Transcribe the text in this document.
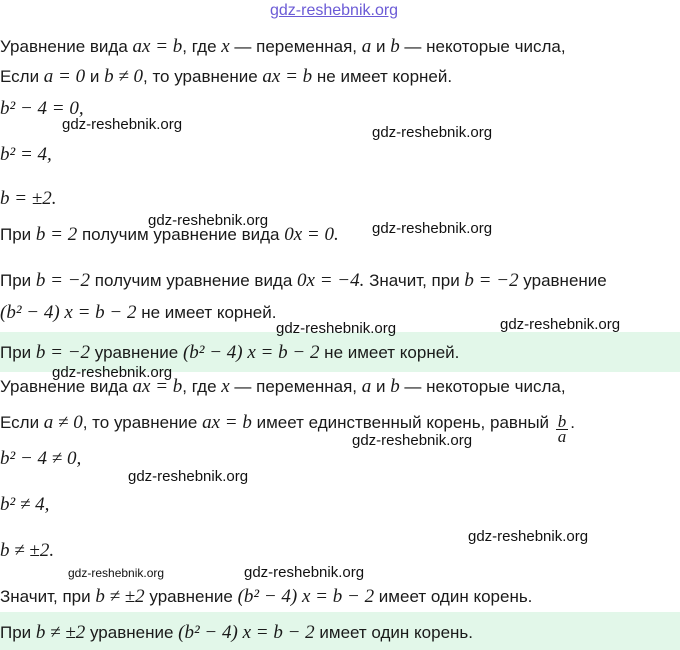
Уравнение вида ax = b, где x — переменная, a и b — некоторые числа,
Если a = 0 и b ≠ 0, то уравнение ax = b не имеет корней.
b² − 4 = 0,
b² = 4,
b = ±2.
При b = 2 получим уравнение вида 0x = 0.
При b = −2 получим уравнение вида 0x = −4. Значит, при b = −2 уравнение
(b² − 4) x = b − 2 не имеет корней.
При b = −2 уравнение (b² − 4) x = b − 2 не имеет корней.
Уравнение вида ax = b, где x — переменная, a и b — некоторые числа,
Если a ≠ 0, то уравнение ax = b имеет единственный корень, равный $\frac{b}{a}$ .
b² − 4 ≠ 0,
b² ≠ 4,
b ≠ ±2.
Значит, при b ≠ ±2 уравнение (b² − 4) x = b − 2 имеет один корень.
При b ≠ ±2 уравнение (b² − 4) x = b − 2 имеет один корень.
gdz-reshebnik.org
gdz-reshebnik.org	gdz-reshebnik.org
gdz-reshebnik.org	gdz-reshebnik.org
gdz-reshebnik.org	gdz-reshebnik.org
gdz-reshebnik.org
gdz-reshebnik.org
gdz-reshebnik.org
gdz-reshebnik.org
gdz-reshebnik.org	gdz-reshebnik.org
